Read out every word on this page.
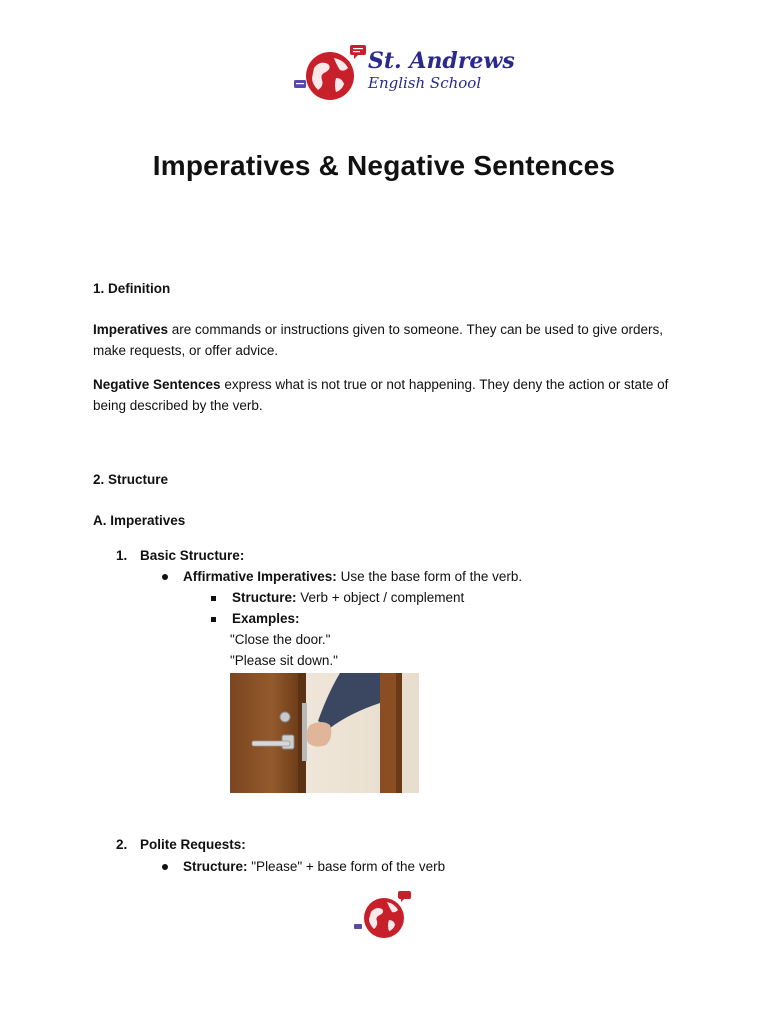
St. Andrews
English School
Imperatives & Negative Sentences
1. Definition
Imperatives are commands or instructions given to someone. They can be used to give orders, make requests, or offer advice.
Negative Sentences express what is not true or not happening. They deny the action or state of being described by the verb.
2. Structure
A. Imperatives
1. Basic Structure:
Affirmative Imperatives: Use the base form of the verb.
Structure: Verb + object / complement
Examples:
"Close the door."
"Please sit down."
2. Polite Requests:
Structure: "Please" + base form of the verb
